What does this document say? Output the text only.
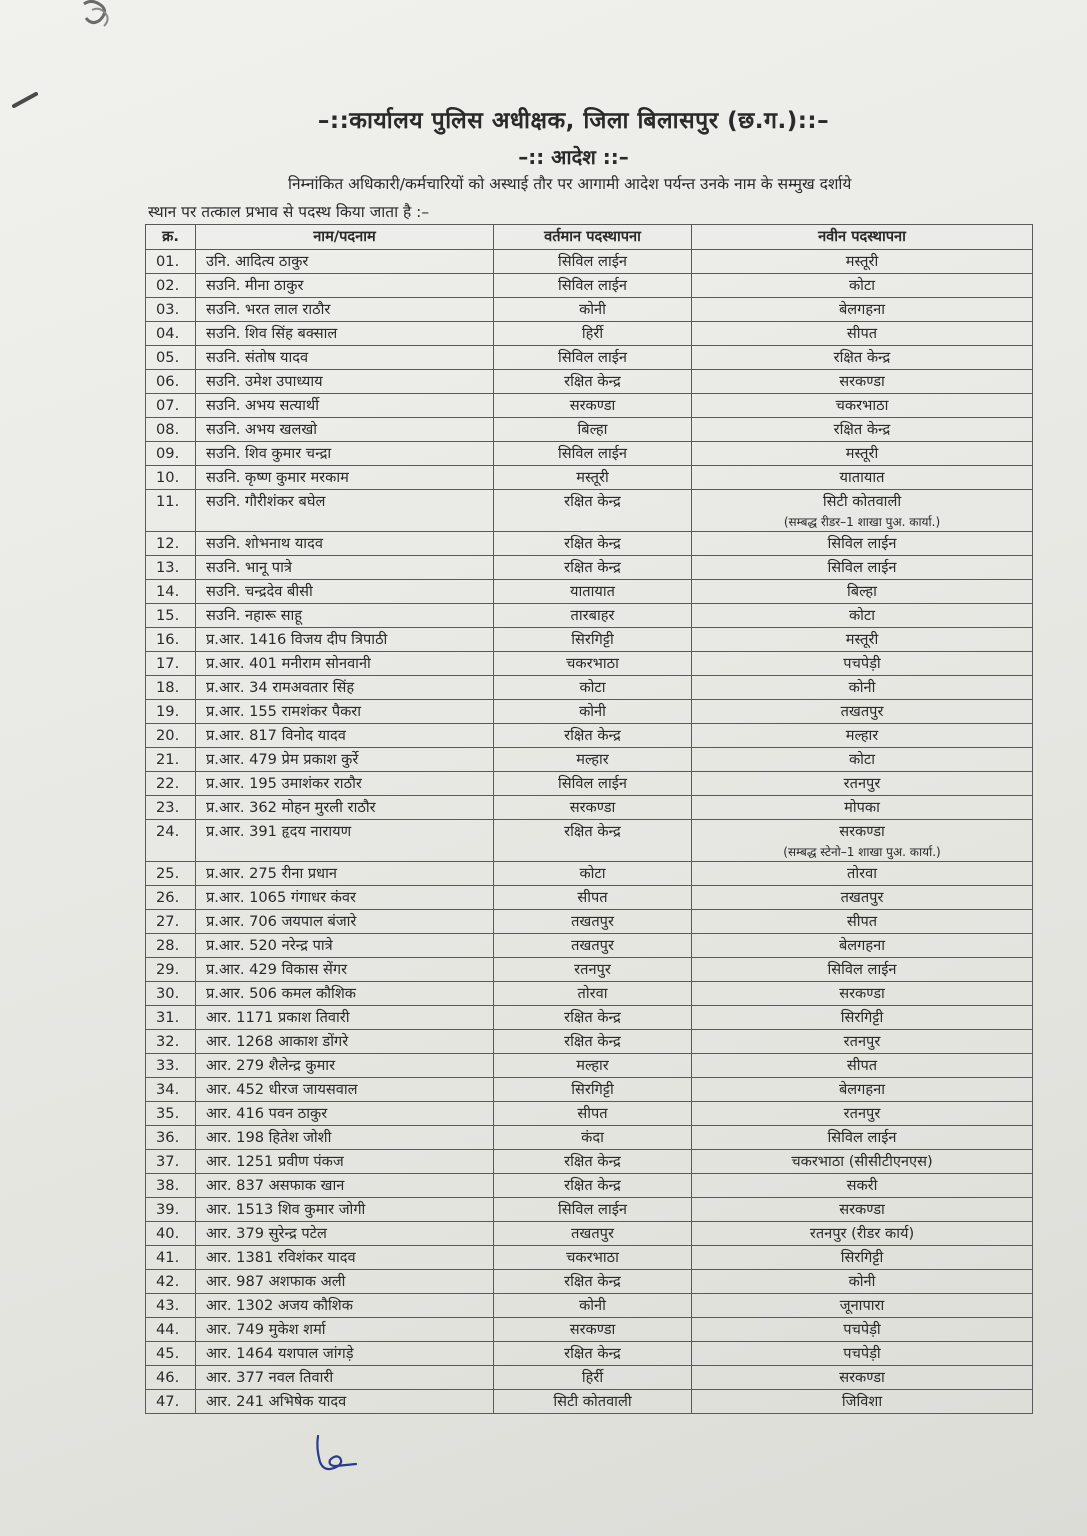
–::कार्यालय पुलिस अधीक्षक, जिला बिलासपुर (छ.ग.)::–
–:: आदेश ::–
निम्नांकित अधिकारी/कर्मचारियों को अस्थाई तौर पर आगामी आदेश पर्यन्त उनके नाम के सम्मुख दर्शाये
स्थान पर तत्काल प्रभाव से पदस्थ किया जाता है :–
क्र.	नाम/पदनाम	वर्तमान पदस्थापना	नवीन पदस्थापना
01.	उनि. आदित्य ठाकुर	सिविल लाईन	मस्तूरी
02.	सउनि. मीना ठाकुर	सिविल लाईन	कोटा
03.	सउनि. भरत लाल राठौर	कोनी	बेलगहना
04.	सउनि. शिव सिंह बक्साल	हिर्री	सीपत
05.	सउनि. संतोष यादव	सिविल लाईन	रक्षित केन्द्र
06.	सउनि. उमेश उपाध्याय	रक्षित केन्द्र	सरकण्डा
07.	सउनि. अभय सत्यार्थी	सरकण्डा	चकरभाठा
08.	सउनि. अभय खलखो	बिल्हा	रक्षित केन्द्र
09.	सउनि. शिव कुमार चन्द्रा	सिविल लाईन	मस्तूरी
10.	सउनि. कृष्ण कुमार मरकाम	मस्तूरी	यातायात
11.	सउनि. गौरीशंकर बघेल	रक्षित केन्द्र	सिटी कोतवाली
(सम्बद्ध रीडर–1 शाखा पुअ. कार्या.)

12.	सउनि. शोभनाथ यादव	रक्षित केन्द्र	सिविल लाईन
13.	सउनि. भानू पात्रे	रक्षित केन्द्र	सिविल लाईन
14.	सउनि. चन्द्रदेव बीसी	यातायात	बिल्हा
15.	सउनि. नहारू साहू	तारबाहर	कोटा
16.	प्र.आर. 1416 विजय दीप त्रिपाठी	सिरगिट्टी	मस्तूरी
17.	प्र.आर. 401 मनीराम सोनवानी	चकरभाठा	पचपेड़ी
18.	प्र.आर. 34 रामअवतार सिंह	कोटा	कोनी
19.	प्र.आर. 155 रामशंकर पैकरा	कोनी	तखतपुर
20.	प्र.आर. 817 विनोद यादव	रक्षित केन्द्र	मल्हार
21.	प्र.आर. 479 प्रेम प्रकाश कुर्रे	मल्हार	कोटा
22.	प्र.आर. 195 उमाशंकर राठौर	सिविल लाईन	रतनपुर
23.	प्र.आर. 362 मोहन मुरली राठौर	सरकण्डा	मोपका
24.	प्र.आर. 391 हृदय नारायण	रक्षित केन्द्र	सरकण्डा
(सम्बद्ध स्टेनो–1 शाखा पुअ. कार्या.)

25.	प्र.आर. 275 रीना प्रधान	कोटा	तोरवा
26.	प्र.आर. 1065 गंगाधर कंवर	सीपत	तखतपुर
27.	प्र.आर. 706 जयपाल बंजारे	तखतपुर	सीपत
28.	प्र.आर. 520 नरेन्द्र पात्रे	तखतपुर	बेलगहना
29.	प्र.आर. 429 विकास सेंगर	रतनपुर	सिविल लाईन
30.	प्र.आर. 506 कमल कौशिक	तोरवा	सरकण्डा
31.	आर. 1171 प्रकाश तिवारी	रक्षित केन्द्र	सिरगिट्टी
32.	आर. 1268 आकाश डोंगरे	रक्षित केन्द्र	रतनपुर
33.	आर. 279 शैलेन्द्र कुमार	मल्हार	सीपत
34.	आर. 452 धीरज जायसवाल	सिरगिट्टी	बेलगहना
35.	आर. 416 पवन ठाकुर	सीपत	रतनपुर
36.	आर. 198 हितेश जोशी	कंदा	सिविल लाईन
37.	आर. 1251 प्रवीण पंकज	रक्षित केन्द्र	चकरभाठा (सीसीटीएनएस)
38.	आर. 837 असफाक खान	रक्षित केन्द्र	सकरी
39.	आर. 1513 शिव कुमार जोगी	सिविल लाईन	सरकण्डा
40.	आर. 379 सुरेन्द्र पटेल	तखतपुर	रतनपुर (रीडर कार्य)
41.	आर. 1381 रविशंकर यादव	चकरभाठा	सिरगिट्टी
42.	आर. 987 अशफाक अली	रक्षित केन्द्र	कोनी
43.	आर. 1302 अजय कौशिक	कोनी	जूनापारा
44.	आर. 749 मुकेश शर्मा	सरकण्डा	पचपेड़ी
45.	आर. 1464 यशपाल जांगड़े	रक्षित केन्द्र	पचपेड़ी
46.	आर. 377 नवल तिवारी	हिर्री	सरकण्डा
47.	आर. 241 अभिषेक यादव	सिटी कोतवाली	जिविशा
